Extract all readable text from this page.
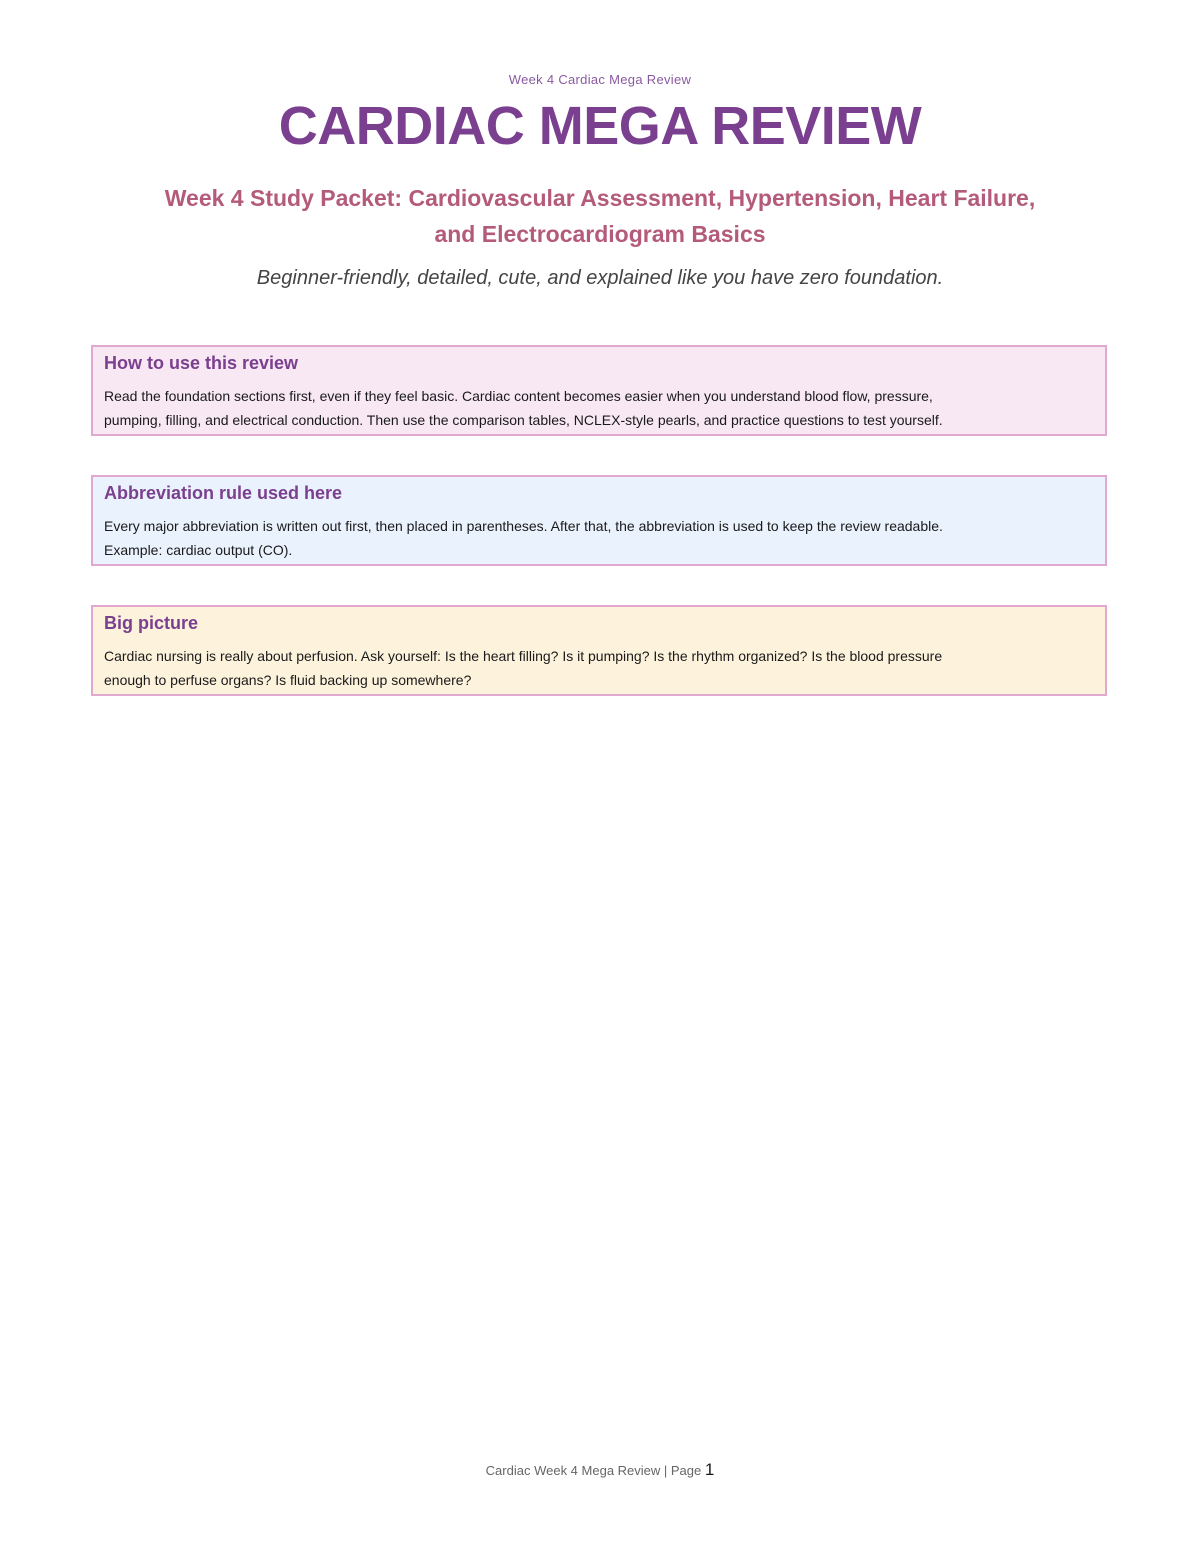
Week 4 Cardiac Mega Review
CARDIAC MEGA REVIEW
Week 4 Study Packet: Cardiovascular Assessment, Hypertension, Heart Failure,
and Electrocardiogram Basics
Beginner-friendly, detailed, cute, and explained like you have zero foundation.
How to use this review
Read the foundation sections first, even if they feel basic. Cardiac content becomes easier when you understand blood flow, pressure,
pumping, filling, and electrical conduction. Then use the comparison tables, NCLEX-style pearls, and practice questions to test yourself.
Abbreviation rule used here
Every major abbreviation is written out first, then placed in parentheses. After that, the abbreviation is used to keep the review readable.
Example: cardiac output (CO).
Big picture
Cardiac nursing is really about perfusion. Ask yourself: Is the heart filling? Is it pumping? Is the rhythm organized? Is the blood pressure
enough to perfuse organs? Is fluid backing up somewhere?
Cardiac Week 4 Mega Review | Page 1
